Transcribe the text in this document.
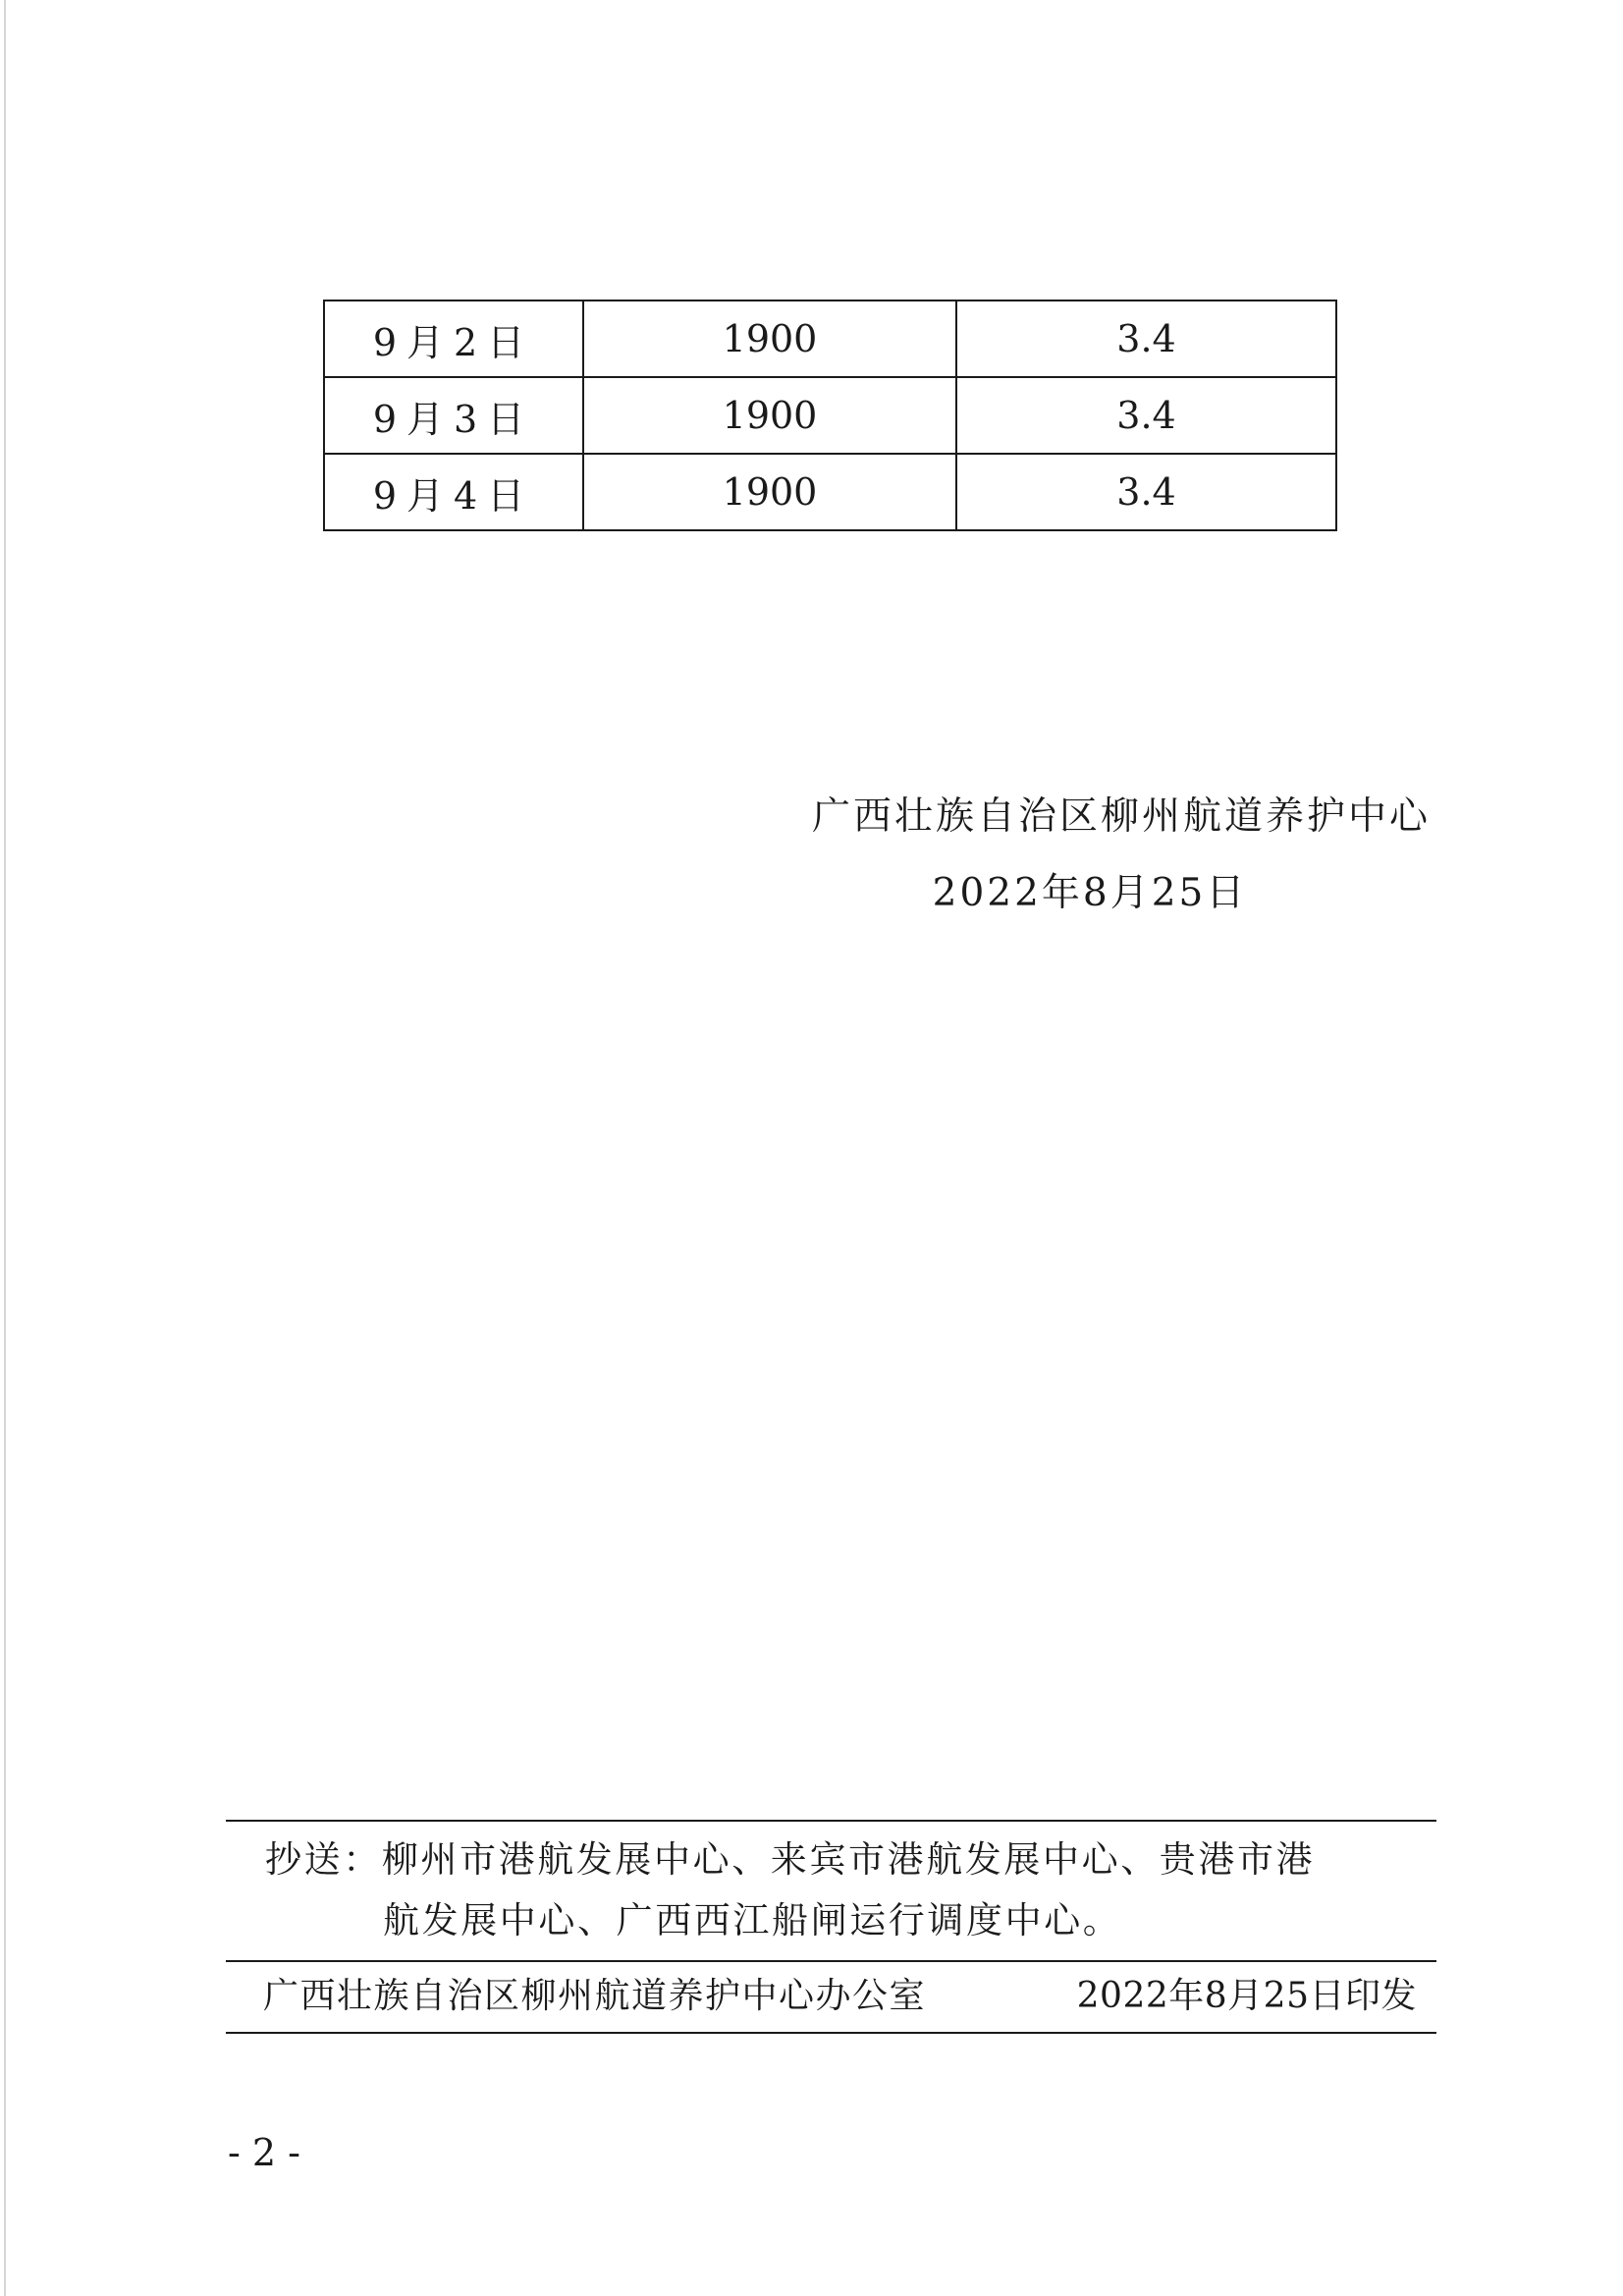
9月2日	1900	3.4
9月3日	1900	3.4
9月4日	1900	3.4
广西壮族自治区柳州航道养护中心
2022年8月25日
抄送：柳州市港航发展中心、来宾市港航发展中心、贵港市港
航发展中心、广西西江船闸运行调度中心。
广西壮族自治区柳州航道养护中心办公室	2022年8月25日印发
- 2 -
